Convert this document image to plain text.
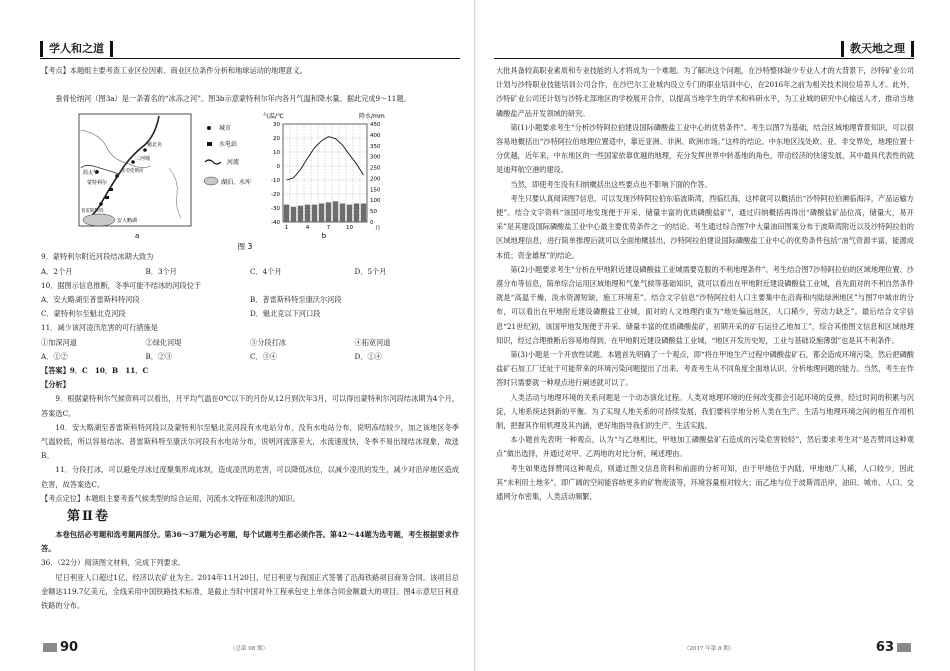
学人和之道

【考点】本题组主要考查工业区位因素、商业区位条件分析和地球运动的地理意义。

蚕骨伦纳河（图3a）是一条著名的“冰冻之河”。图3b示意蒙特利尔年内各月气温和降水量。据此完成9～11题。

魁北克
三河城
蒙特利尔
圣劳伦斯河
渥太华
安大略湖
普雷斯科特
a
城市
水电站
河流
湖泊、水库
气温/℃	降水/mm
30
20
10
0
-10
-20
-30
-40
450
400
350
300
250
200
150
100
50
0
1	4	7	10	月
b
图 3

9．蒙特利尔附近河段结冰期大致为

A．2个月	B．3个月	C．4个月	D．5个月

10．据图示信息推断，冬季可能不结冰的河段位于

A．安大略湖至普雷斯科特河段	B．普雷斯科特至康沃尔河段
C．蒙特利尔至魁北克河段	D．魁北克以下河口段

11．减少该河凌汛危害的可行措施是

①加深河道	②绿化河堤	③分段打冰	④拓宽河道
A．①②	B．②③	C．③④	D．①④

【答案】9．C　10．B　11．C

【分析】

9．根据蒙特利尔气候资料可以看出，月平均气温在0℃以下的月份从12月到次年3月，可以得出蒙特利尔河段结冰期为4个月，答案选C。

10．安大略湖至普雷斯科特河段以及蒙特利尔至魁北克河段有水电站分布，没有水电站分布，说明冻结较少，加之该地区冬季气温较低，所以容易结冰。普雷斯科特至康沃尔河段有水电站分布，说明河流落差大，水流速度快，冬季不易出现结冰现象，故选B。

11．分段打冰，可以避免浮冰过度聚集形成冰坝，造成凌汛的危害，可以降低冰位，以减少凌汛的发生，减少对沿岸地区造成危害，故答案选C。

【考点定位】本题组主要考查气候类型的综合运用，河流水文特征和凌汛的知识。

第Ⅱ卷

本卷包括必考题和选考题两部分。第36～37题为必考题，每个试题考生都必须作答。第42～44题为选考题，考生根据要求作答。

36．（22分）阅读图文材料，完成下列要求。

尼日利亚人口超过1亿，经济以农矿业为主。2014年11月20日，尼日利亚与我国正式签署了沿海铁路项目商务合同。该项目总金额达119.7亿美元，全线采用中国铁路技术标准，是截止当时中国对外工程承包史上单体合同金额最大的项目。图4示意尼日利亚铁路的分布。

90	（总第 08 期）
教天地之理

大批具备较高职业素质和专业技能的人才将成为一个难题。为了解决这个问题，在沙特整体缺少专业人才的大背景下，沙特矿业公司计划与沙特职业技能培训公司合作，在沙巴尔工业城内设立专门的职业培训中心，在2016年之前为相关技术岗位培养人才。此外，沙特矿业公司还计划与沙特北部地区的学校展开合作，以提高当地学生的学术和科研水平，为工业城的研究中心输送人才，推动当地磷酸盐产品开发领域的研究。

第(1)小题要求考生“分析沙特阿拉伯建设国际磷酸盐工业中心的优势条件”。考生以图7为基础，结合区域地理背景知识，可以很容易地概括出“沙特阿拉伯地理位置适中，靠近亚洲、非洲、欧洲市场。”这样的结论。中东地区浅处欧、亚、非交界处，地理位置十分优越，近年来，中东地区的一些国家依靠优越的地理，充分发挥世界中转基地的角色，带动经济的快速发展，其中最具代表性的就是迪拜航空港的建设。

当然，即使考生没有归纳概括出这些要点也不影响下面的作答。

考生只要认真阅读图7信息，可以发现沙特阿拉伯东临波斯湾，西临红海，这样就可以概括出“沙特阿拉伯濒临海洋，产品运输方便”。结合文字资料“该国可地发现便于开采、储量丰富的优质磷酸盐矿”，通过归纳概括再得出“磷酸盐矿品位高，储量大，易开采”是其建设国际磷酸盐工业中心最主要优势条件之一的结论。考生通过综合图7中大量油田图案分布于波斯湾附近以及沙特阿拉伯的区域地理信息，进行简单推理后就可以全面地概括出，沙特阿拉伯建设国际磷酸盐工业中心的优势条件包括“油气资源丰富，能源成本低；资金雄厚”的结论。

第(2)小题要求考生“分析在甲地附近建设磷酸盐工业城需要克服的不利地理条件”。考生结合图7沙特阿拉伯的区域地理位置、沙漠分布等信息，简单综合运用区域地理和气象气候等基础知识，就可以看出在甲地附近建设磷酸盐工业城，首先面对的不利自然条件就是“高温干燥，淡水资源短缺，施工环境差”。结合文字信息“沙特阿拉伯人口主要集中在沿海和内陆绿洲地区”与图7中城市的分布，可以看出在甲地附近建设磷酸盐工业城，面对的人文地理约束为“地处偏远地区，人口稀少，劳动力缺乏”。最后结合文字信息“21世纪初，该国甲地发现便于开采、储量丰富的优质磷酸盐矿，初期开采的矿石运往乙地加工”，综合其他图文信息和区域地理知识，经过合理推断后容易地得到，在甲地附近建设磷酸盐工业城，“地区开发历史短，工业与基础设施薄弱”也是其不利条件。

第(3)小题是一个开放性试题。本题首先明确了一个观点，即“将在甲地生产过程中磷酸盐矿石，都会造成环境污染，然后把磷酸盐矿石加工厂迁址干可能带来的环境污染问题提出了出来，考查考生从不同角度全面地认识、分析地理问题的能力。当然，考生在作答时只需要就一种观点进行阐述就可以了。

人类活动与地理环境的关系问题是一个动态演化过程。人类对地理环境的任何改变都会引起环境的反弹，经过时间的积累与沉淀，人地系统达到新的平衡。为了实现人地关系的可持续发展，我们要科学地分析人类在生产、生活与地理环境之间的相互作用机制，把握其作用机理及其内涵，更好地指导我们的生产、生活实践。

本小题首先表明一种观点，认为“与乙地相比，甲地加工磷酸盐矿石造成的污染危害较轻”，然后要求考生对“是否赞同这种观点”做出选择，并通过对甲、乙两地的对比分析，阐述理由。

考生如果选择赞同这种观点，则通过图文信息资料和前面的分析可知，由于甲地位于内陆，甲地地广人稀，人口较少，因此其“未利用土地多”，即广阔的空间能容纳更多的矿物废渣等，环境容量相对较大；而乙地与位于波斯湾沿岸，油田、城市、人口、交通网分布密集，人类活动频繁，

（2017 年第 8 期）	63
